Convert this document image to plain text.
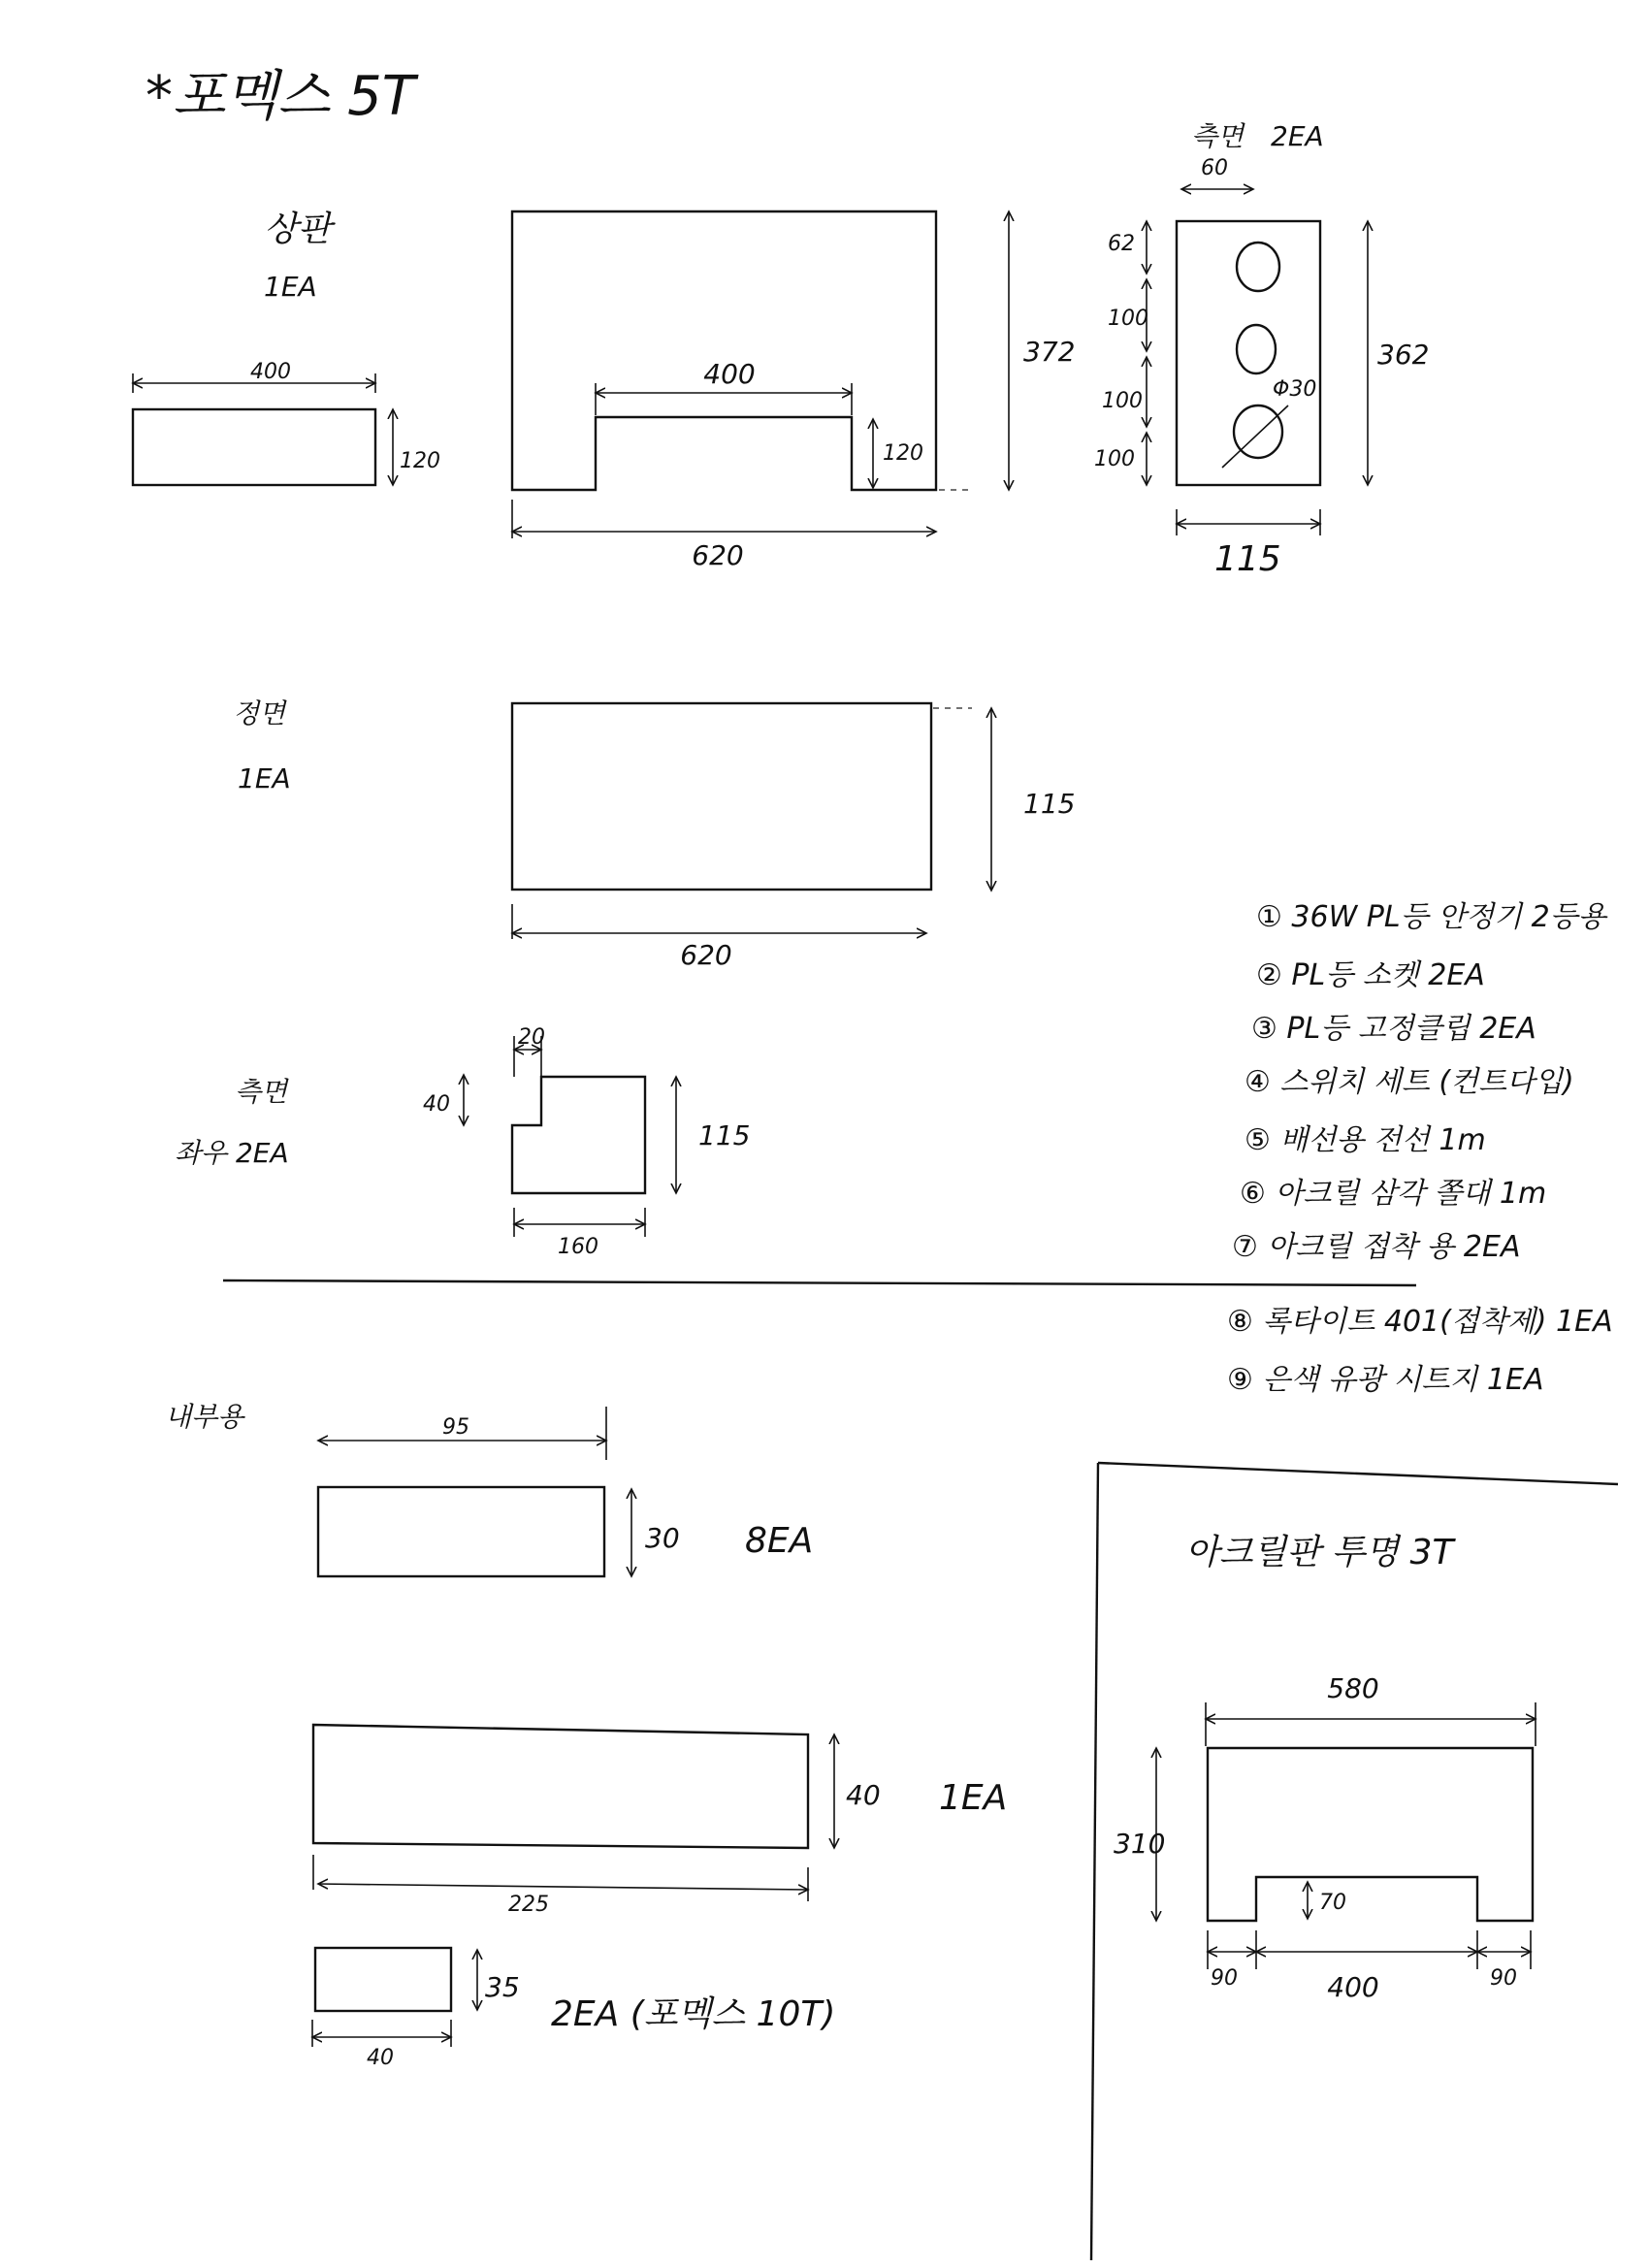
*포멕스 5T
상판
1EA
400
120
400
120
372
620
측면 2EA
60
62
100
100
100
Φ30
362
115
정면
1EA
115
620
측면
좌우 2EA
20
40
115
160
① 36W PL등 안정기 2등용
② PL등 소켓 2EA
③ PL등 고정클립 2EA
④ 스위치 세트 (컨트다입)
⑤ 배선용 전선 1m
⑥ 아크릴 삼각 쫄대 1m
⑦ 아크릴 접착 용 2EA
⑧ 록타이트 401(접착제) 1EA
⑨ 은색 유광 시트지 1EA
내부용	95
30 8EA
40 1EA
225
35
2EA (포멕스 10T)
40
아크릴판 투명 3T
580
310
70
90	400	90
